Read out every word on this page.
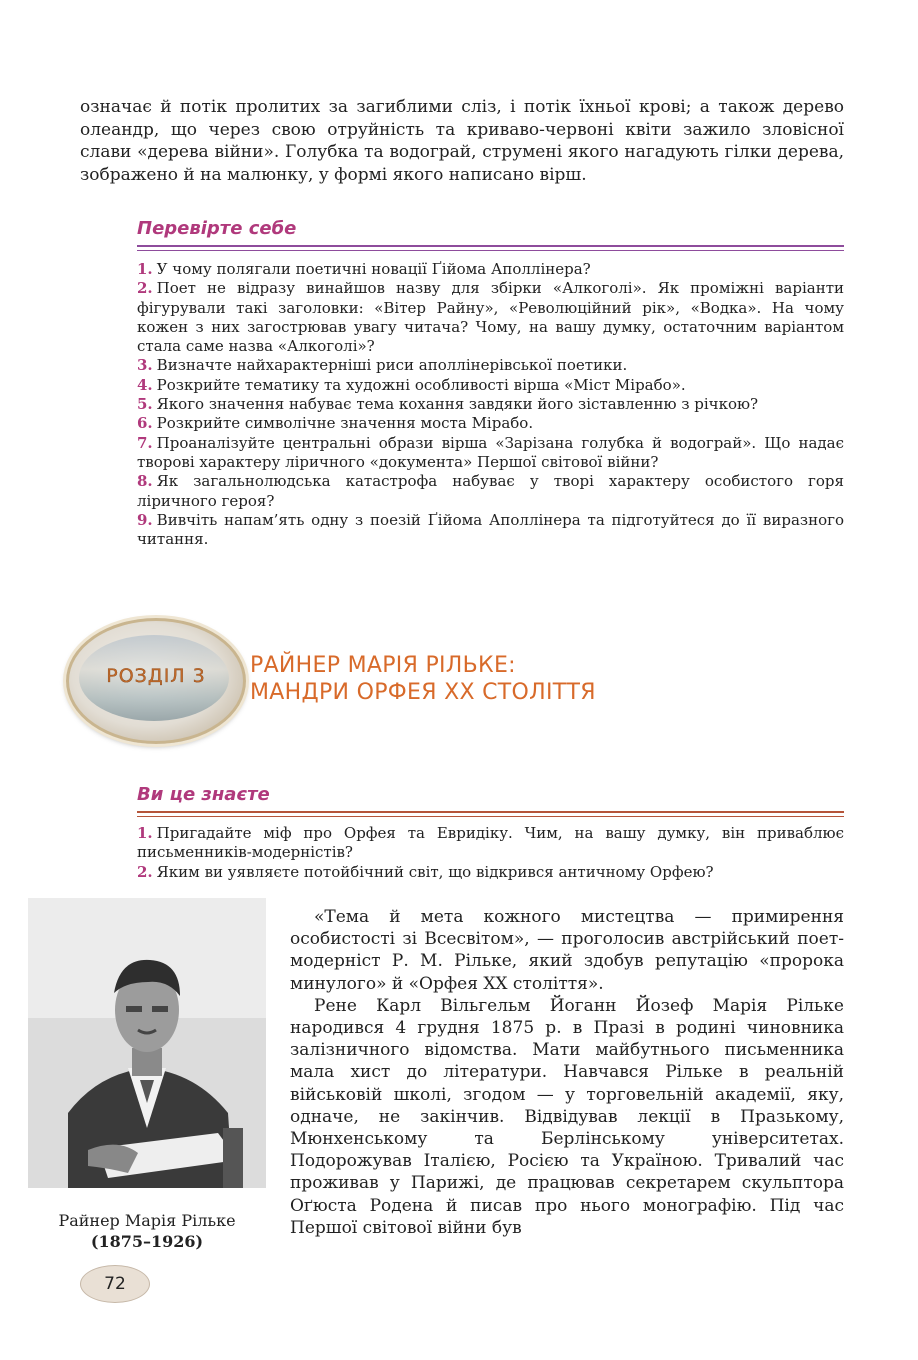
означає й потік пролитих за загиблими сліз, і потік їхньої крові; а також дерево олеандр, що через свою отруйність та криваво-червоні квіти зажило зловісної слави «дерева війни». Голубка та водограй, струмені якого нагадують гілки дерева, зображено й на малюнку, у формі якого написано вірш.

Перевірте себе
1. У чому полягали поетичні новації Ґійома Аполлінера?
2. Поет не відразу винайшов назву для збірки «Алкоголі». Як проміжні варіанти фігурували такі заголовки: «Вітер Райну», «Революційний рік», «Водка». На чому кожен з них загострював увагу читача? Чому, на вашу думку, остаточним варіантом стала саме назва «Алкоголі»?
3. Визначте найхарактерніші риси аполлінерівської поетики.
4. Розкрийте тематику та художні особливості вірша «Міст Мірабо».
5. Якого значення набуває тема кохання завдяки його зіставленню з річкою?
6. Розкрийте символічне значення моста Мірабо.
7. Проаналізуйте центральні образи вірша «Зарізана голубка й водограй». Що надає творові характеру ліричного «документа» Першої світової війни?
8. Як загальнолюдська катастрофа набуває у творі характеру особистого горя ліричного героя?
9. Вивчіть напам’ять одну з поезій Ґійома Аполлінера та підготуйтеся до її виразного читання.
РОЗДІЛ 3	РАЙНЕР МАРІЯ РІЛЬКЕ:
МАНДРИ ОРФЕЯ XX СТОЛІТТЯ
Ви це знаєте
1. Пригадайте міф про Орфея та Евридіку. Чим, на вашу думку, він приваблює письменників-модерністів?
2. Яким ви уявляєте потойбічний світ, що відкрився античному Орфею?

Райнер Марія Рільке
(1875–1926)

«Тема й мета кожного мистецтва — примирення особистості зі Всесвітом», — проголосив австрійський поет-модерніст Р. М. Рільке, який здобув репутацію «пророка минулого» й «Орфея XX століття».

Рене Карл Вільгельм Йоганн Йозеф Марія Рільке народився 4 грудня 1875 р. в Празі в родині чиновника залізничного відомства. Мати майбутнього письменника мала хист до літератури. Навчався Рільке в реальній військовій школі, згодом — у торговельній академії, яку, одначе, не закінчив. Відвідував лекції в Празькому, Мюнхенському та Берлінському університетах. Подорожував Італією, Росією та Україною. Тривалий час проживав у Парижі, де працював секретарем скульптора Оґюста Родена й писав про нього монографію. Під час Першої світової війни був

72
